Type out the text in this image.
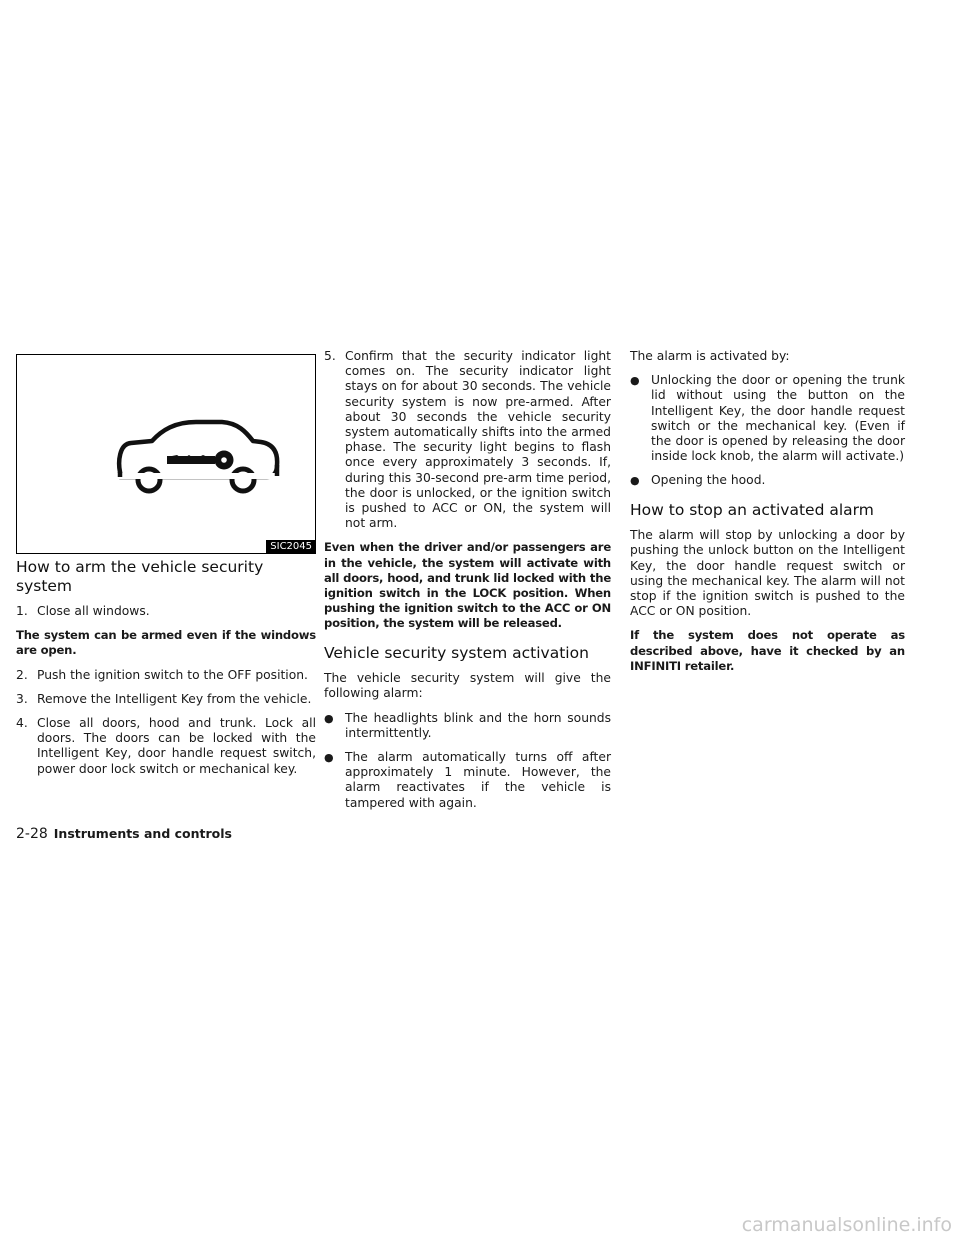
SIC2045
How to arm the vehicle security system

1. Close all windows.

The system can be armed even if the windows are open.

2. Push the ignition switch to the OFF position.

3. Remove the Intelligent Key from the vehicle.

4. Close all doors, hood and trunk. Lock all doors. The doors can be locked with the Intelligent Key, door handle request switch, power door lock switch or mechanical key.

5. Confirm that the security indicator light comes on. The security indicator light stays on for about 30 seconds. The vehicle security system is now pre-armed. After about 30 seconds the vehicle security system automatically shifts into the armed phase. The security light begins to flash once every approximately 3 seconds. If, during this 30-second pre-arm time period, the door is unlocked, or the ignition switch is pushed to ACC or ON, the system will not arm.

Even when the driver and/or passengers are in the vehicle, the system will activate with all doors, hood, and trunk lid locked with the ignition switch in the LOCK position. When pushing the ignition switch to the ACC or ON position, the system will be released.

Vehicle security system activation

The vehicle security system will give the following alarm:

● The headlights blink and the horn sounds intermittently.

● The alarm automatically turns off after approximately 1 minute. However, the alarm reactivates if the vehicle is tampered with again.

The alarm is activated by:

● Unlocking the door or opening the trunk lid without using the button on the Intelligent Key, the door handle request switch or the mechanical key. (Even if the door is opened by releasing the door inside lock knob, the alarm will activate.)

● Opening the hood.

How to stop an activated alarm

The alarm will stop by unlocking a door by pushing the unlock button on the Intelligent Key, the door handle request switch or using the mechanical key. The alarm will not stop if the ignition switch is pushed to the ACC or ON position.

If the system does not operate as described above, have it checked by an INFINITI retailer.

2-28 Instruments and controls
carmanualsonline.info
